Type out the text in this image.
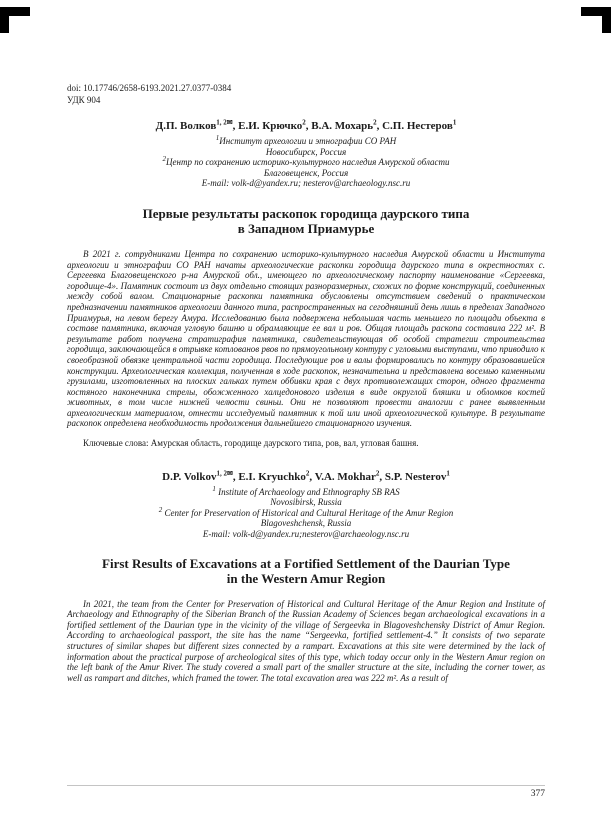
doi: 10.17746/2658-6193.2021.27.0377-0384
УДК 904
Д.П. Волков$^{1, 2✉}$, Е.И. Крючко$^2$, В.А. Мохарь$^2$, С.П. Нестеров$^1$
$^1$Институт археологии и этнографии СО РАН
Новосибирск, Россия
$^2$Центр по сохранению историко-культурного наследия Амурской области
Благовещенск, Россия
E-mail: volk-d@yandex.ru; nesterov@archaeology.nsc.ru
Первые результаты раскопок городища даурского типа
в Западном Приамурье

В 2021 г. сотрудниками Центра по сохранению историко-культурного наследия Амурской области и Института археологии и этнографии СО РАН начаты археологические раскопки городища даурского типа в окрестностях с. Сергеевка Благовещенского р-на Амурской обл., имеющего по археологическому паспорту наименование «Сергеевка, городище-4». Памятник состоит из двух отдельно стоящих разноразмерных, схожих по форме конструкций, соединенных между собой валом. Стационарные раскопки памятника обусловлены отсутствием сведений о практическом предназначении памятников археологии данного типа, распространенных на сегодняшний день лишь в пределах Западного Приамурья, на левом берегу Амура. Исследованию была подвержена небольшая часть меньшего по площади объекта в составе памятника, включая угловую башню и обрамляющие ее вал и ров. Общая площадь раскопа составила 222 м². В результате работ получена стратиграфия памятника, свидетельствующая об особой стратегии строительства городища, заключающейся в отрывке котлованов рвов по прямоугольному контуру с угловыми выступами, что приводило к своеобразной обвязке центральной части городища. Последующие ров и валы формировались по контуру образовавшейся конструкции. Археологическая коллекция, полученная в ходе раскопок, незначительна и представлена восемью каменными грузилами, изготовленных на плоских гальках путем оббивки края с двух противолежащих сторон, одного фрагмента костяного наконечника стрелы, обожженного халцедонового изделия в виде округлой бляшки и обломков костей животных, в том числе нижней челюсти свиньи. Они не позволяют провести аналогии с ранее выявленным археологическим материалом, отнести исследуемый памятник к той или иной археологической культуре. В результате раскопок определена необходимость продолжения дальнейшего стационарного изучения.

Ключевые слова: Амурская область, городище даурского типа, ров, вал, угловая башня.

D.P. Volkov$^{1, 2✉}$, E.I. Kryuchko$^2$, V.A. Mokhar$^2$, S.P. Nesterov$^1$
$^1$ Institute of Archaeology and Ethnography SB RAS
Novosibirsk, Russia
$^2$ Center for Preservation of Historical and Cultural Heritage of the Amur Region
Blagoveshchensk, Russia
E-mail: volk-d@yandex.ru;nesterov@archaeology.nsc.ru
First Results of Excavations at a Fortified Settlement of the Daurian Type
in the Western Amur Region

In 2021, the team from the Center for Preservation of Historical and Cultural Heritage of the Amur Region and Institute of Archaeology and Ethnography of the Siberian Branch of the Russian Academy of Sciences began archaeological excavations in a fortified settlement of the Daurian type in the vicinity of the village of Sergeevka in Blagoveshchensky District of Amur Region. According to archaeological passport, the site has the name “Sergeevka, fortified settlement-4.” It consists of two separate structures of similar shapes but different sizes connected by a rampart. Excavations at this site were determined by the lack of information about the practical purpose of archeological sites of this type, which today occur only in the Western Amur region on the left bank of the Amur River. The study covered a small part of the smaller structure at the site, including the corner tower, as well as rampart and ditches, which framed the tower. The total excavation area was 222 m². As a result of

377
